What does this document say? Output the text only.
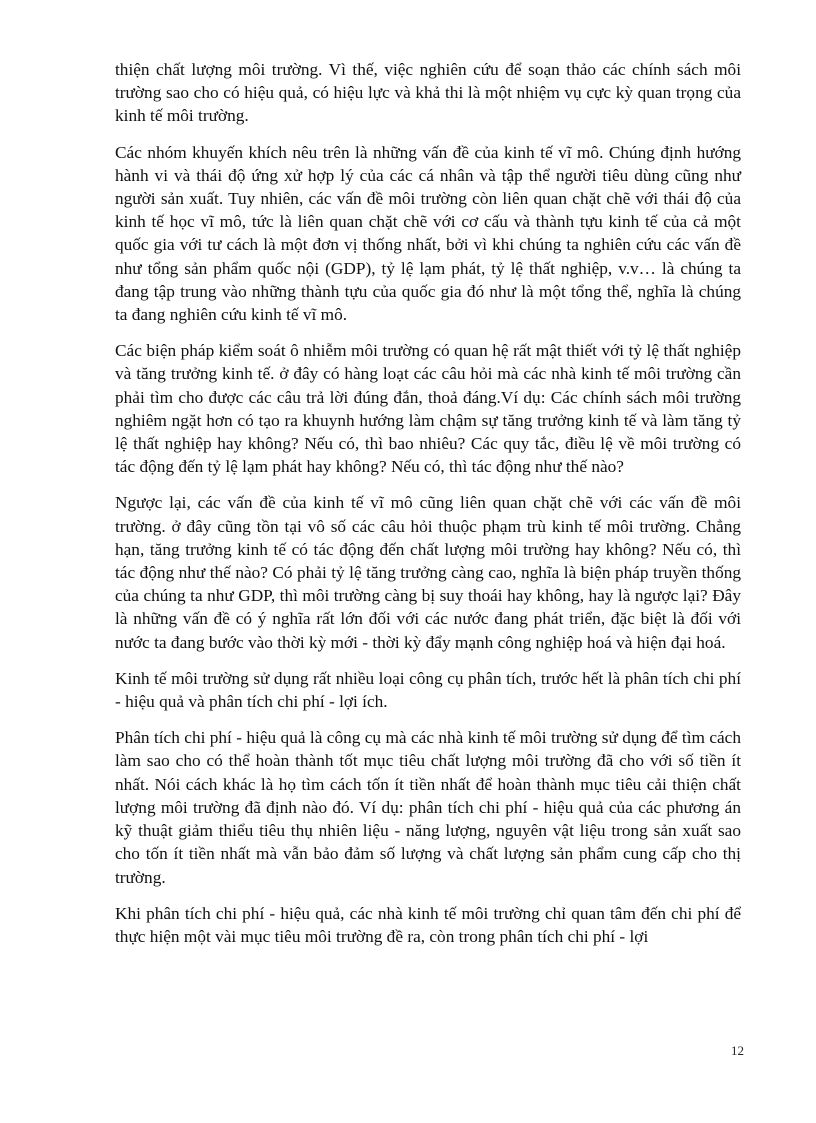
thiện chất lượng môi trường. Vì thế, việc nghiên cứu để soạn thảo các chính sách môi trường sao cho có hiệu quả, có hiệu lực và khả thi là một nhiệm vụ cực kỳ quan trọng của kinh tế môi trường.

Các nhóm khuyến khích nêu trên là những vấn đề của kinh tế vĩ mô. Chúng định hướng hành vi và thái độ ứng xử hợp lý của các cá nhân và tập thể người tiêu dùng cũng như người sản xuất. Tuy nhiên, các vấn đề môi trường còn liên quan chặt chẽ với thái độ của kinh tế học vĩ mô, tức là liên quan chặt chẽ với cơ cấu và thành tựu kinh tế của cả một quốc gia với tư cách là một đơn vị thống nhất, bởi vì khi chúng ta nghiên cứu các vấn đề như tổng sản phẩm quốc nội (GDP), tỷ lệ lạm phát, tỷ lệ thất nghiệp, v.v… là chúng ta đang tập trung vào những thành tựu của quốc gia đó như là một tổng thể, nghĩa là chúng ta đang nghiên cứu kinh tế vĩ mô.

Các biện pháp kiểm soát ô nhiễm môi trường có quan hệ rất mật thiết với tỷ lệ thất nghiệp và tăng trưởng kinh tế. ở đây có hàng loạt các câu hỏi mà các nhà kinh tế môi trường cần phải tìm cho được các câu trả lời đúng đắn, thoả đáng.Ví dụ: Các chính sách môi trường nghiêm ngặt hơn có tạo ra khuynh hướng làm chậm sự tăng trưởng kinh tế và làm tăng tỷ lệ thất nghiệp hay không? Nếu có, thì bao nhiêu? Các quy tắc, điều lệ về môi trường có tác động đến tỷ lệ lạm phát hay không? Nếu có, thì tác động như thế nào?

Ngược lại, các vấn đề của kinh tế vĩ mô cũng liên quan chặt chẽ với các vấn đề môi trường. ở đây cũng tồn tại vô số các câu hỏi thuộc phạm trù kinh tế môi trường. Chẳng hạn, tăng trưởng kinh tế có tác động đến chất lượng môi trường hay không? Nếu có, thì tác động như thế nào? Có phải tỷ lệ tăng trưởng càng cao, nghĩa là biện pháp truyền thống của chúng ta như GDP, thì môi trường càng bị suy thoái hay không, hay là ngược lại? Đây là những vấn đề có ý nghĩa rất lớn đối với các nước đang phát triển, đặc biệt là đối với nước ta đang bước vào thời kỳ mới - thời kỳ đẩy mạnh công nghiệp hoá và hiện đại hoá.

Kinh tế môi trường sử dụng rất nhiều loại công cụ phân tích, trước hết là phân tích chi phí - hiệu quả và phân tích chi phí - lợi ích.

Phân tích chi phí - hiệu quả là công cụ mà các nhà kinh tế môi trường sử dụng để tìm cách làm sao cho có thể hoàn thành tốt mục tiêu chất lượng môi trường đã cho với số tiền ít nhất. Nói cách khác là họ tìm cách tốn ít tiền nhất để hoàn thành mục tiêu cải thiện chất lượng môi trường đã định nào đó. Ví dụ: phân tích chi phí - hiệu quả của các phương án kỹ thuật giảm thiểu tiêu thụ nhiên liệu - năng lượng, nguyên vật liệu trong sản xuất sao cho tốn ít tiền nhất mà vẫn bảo đảm số lượng và chất lượng sản phẩm cung cấp cho thị trường.

Khi phân tích chi phí - hiệu quả, các nhà kinh tế môi trường chỉ quan tâm đến chi phí để thực hiện một vài mục tiêu môi trường đề ra, còn trong phân tích chi phí - lợi

12
